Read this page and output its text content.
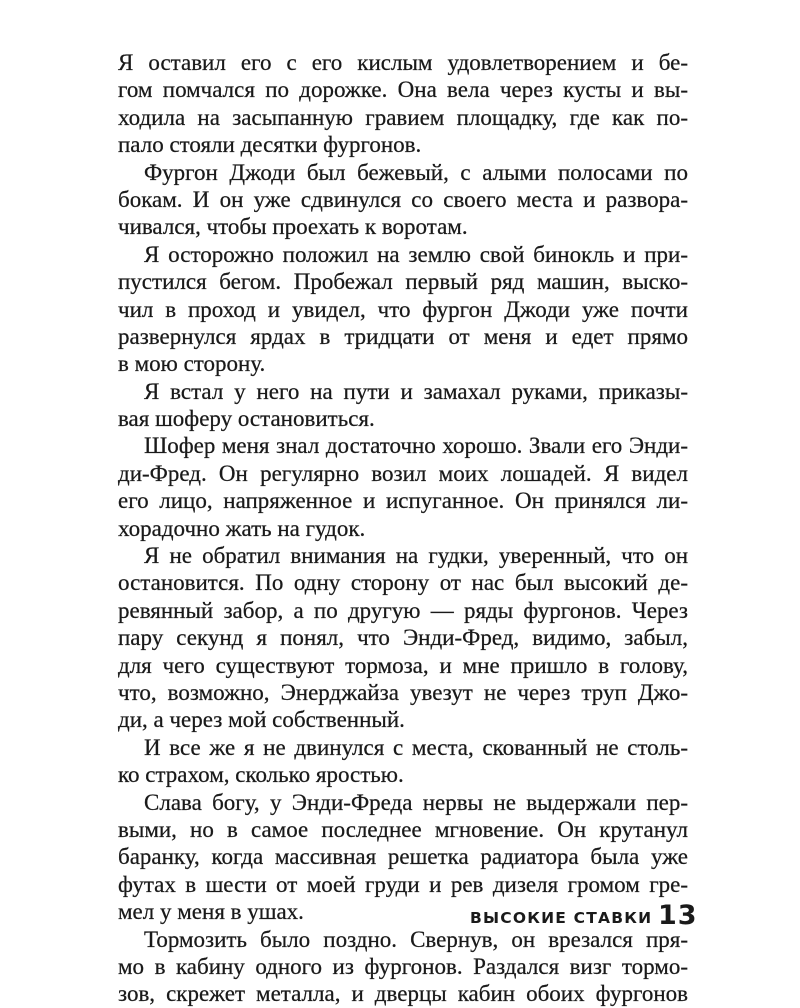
Я оставил его с его кислым удовлетворением и бе-
гом помчался по дорожке. Она вела через кусты и вы-
ходила на засыпанную гравием площадку, где как по-
пало стояли десятки фургонов.
Фургон Джоди был бежевый, с алыми полосами по
бокам. И он уже сдвинулся со своего места и развора-
чивался, чтобы проехать к воротам.
Я осторожно положил на землю свой бинокль и при-
пустился бегом. Пробежал первый ряд машин, выско-
чил в проход и увидел, что фургон Джоди уже почти
развернулся ярдах в тридцати от меня и едет прямо
в мою сторону.
Я встал у него на пути и замахал руками, приказы-
вая шоферу остановиться.
Шофер меня знал достаточно хорошо. Звали его Энди-
ди-Фред. Он регулярно возил моих лошадей. Я видел
его лицо, напряженное и испуганное. Он принялся ли-
хорадочно жать на гудок.
Я не обратил внимания на гудки, уверенный, что он
остановится. По одну сторону от нас был высокий де-
ревянный забор, а по другую — ряды фургонов. Через
пару секунд я понял, что Энди-Фред, видимо, забыл,
для чего существуют тормоза, и мне пришло в голову,
что, возможно, Энерджайза увезут не через труп Джо-
ди, а через мой собственный.
И все же я не двинулся с места, скованный не столь-
ко страхом, сколько яростью.
Слава богу, у Энди-Фреда нервы не выдержали пер-
выми, но в самое последнее мгновение. Он крутанул
баранку, когда массивная решетка радиатора была уже
футах в шести от моей груди и рев дизеля громом гре-
мел у меня в ушах.
Тормозить было поздно. Свернув, он врезался пря-
мо в кабину одного из фургонов. Раздался визг тормо-
зов, скрежет металла, и дверцы кабин обоих фургонов
ВЫСОКИЕ СТАВКИ 13
